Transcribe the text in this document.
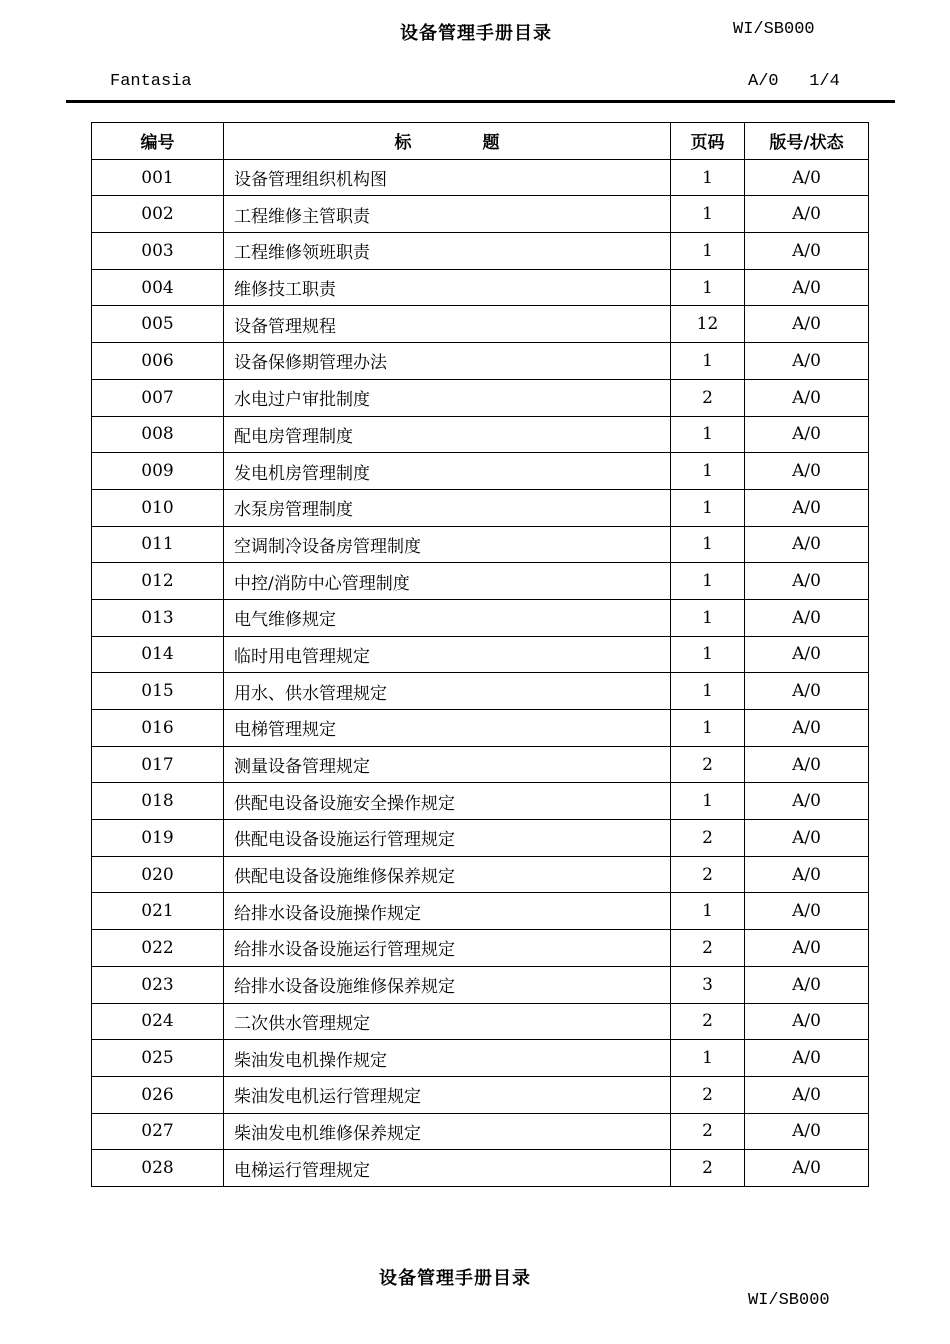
设备管理手册目录	WI/SB000
Fantasia	A/0   1/4
编号	标            题	页码	版号/状态
001	设备管理组织机构图	1	A/0
002	工程维修主管职责	1	A/0
003	工程维修领班职责	1	A/0
004	维修技工职责	1	A/0
005	设备管理规程	12	A/0
006	设备保修期管理办法	1	A/0
007	水电过户审批制度	2	A/0
008	配电房管理制度	1	A/0
009	发电机房管理制度	1	A/0
010	水泵房管理制度	1	A/0
011	空调制冷设备房管理制度	1	A/0
012	中控/消防中心管理制度	1	A/0
013	电气维修规定	1	A/0
014	临时用电管理规定	1	A/0
015	用水、供水管理规定	1	A/0
016	电梯管理规定	1	A/0
017	测量设备管理规定	2	A/0
018	供配电设备设施安全操作规定	1	A/0
019	供配电设备设施运行管理规定	2	A/0
020	供配电设备设施维修保养规定	2	A/0
021	给排水设备设施操作规定	1	A/0
022	给排水设备设施运行管理规定	2	A/0
023	给排水设备设施维修保养规定	3	A/0
024	二次供水管理规定	2	A/0
025	柴油发电机操作规定	1	A/0
026	柴油发电机运行管理规定	2	A/0
027	柴油发电机维修保养规定	2	A/0
028	电梯运行管理规定	2	A/0
设备管理手册目录
WI/SB000
